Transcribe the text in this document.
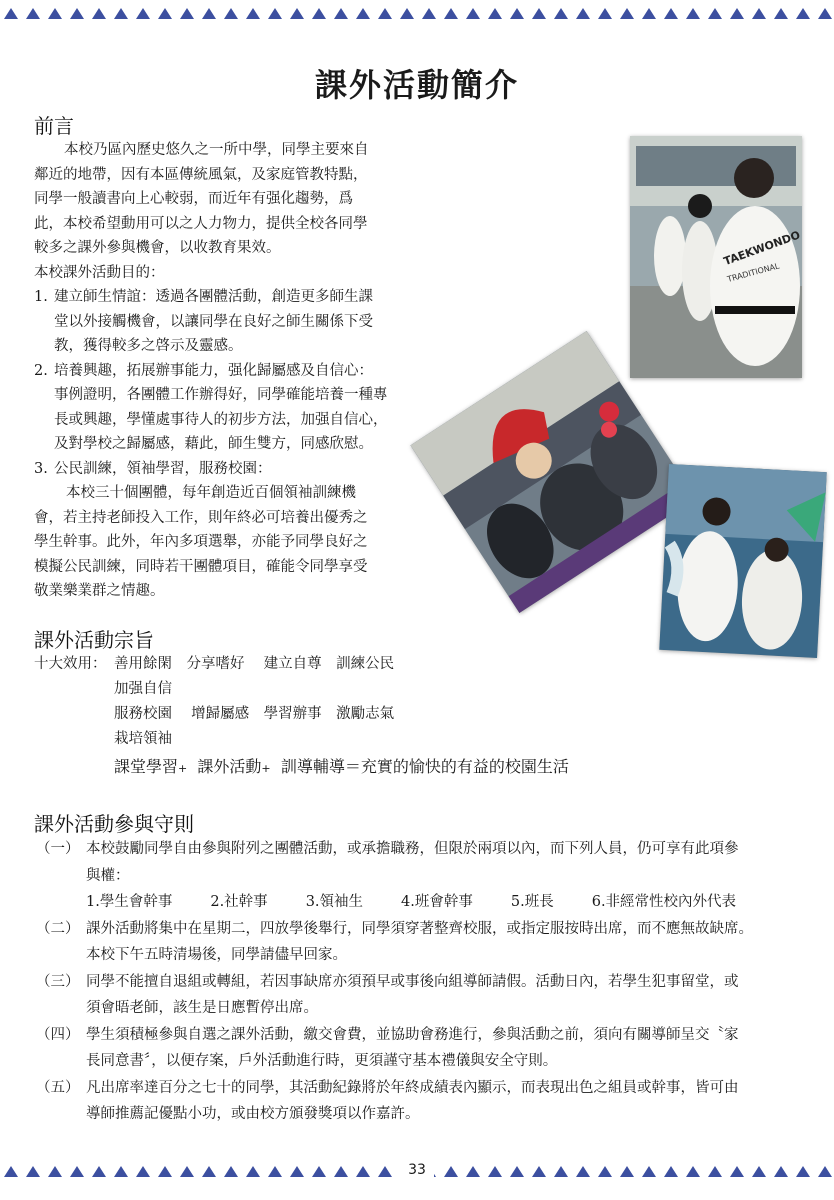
課外活動簡介
前言
本校乃區內歷史悠久之一所中學，同學主要來自
鄰近的地帶，因有本區傳統風氣，及家庭管教特點，
同學一般讀書向上心較弱，而近年有强化趨勢，爲
此，本校希望動用可以之人力物力，提供全校各同學
較多之課外參與機會，以收教育果效。
本校課外活動目的：
1. 建立師生情誼：透過各團體活動，創造更多師生課
堂以外接觸機會，以讓同學在良好之師生關係下受
教，獲得較多之啓示及靈感。
2. 培養興趣，拓展辦事能力，强化歸屬感及自信心：
事例證明，各團體工作辦得好，同學確能培養一種專
長或興趣，學懂處事待人的初步方法，加强自信心，
及對學校之歸屬感，藉此，師生雙方，同感欣慰。
3. 公民訓練，領袖學習，服務校園：
本校三十個團體，每年創造近百個領袖訓練機
會，若主持老師投入工作，則年終必可培養出優秀之
學生幹事。此外，年內多項選舉，亦能予同學良好之
模擬公民訓練，同時若干團體項目，確能令同學享受
敬業樂業群之情趣。
TAEKWONDO
TRADITIONAL
課外活動宗旨
十大效用： 善用餘閑　分享嗜好　 建立自尊　訓練公民
加强自信
服務校園　 增歸屬感　學習辦事　激勵志氣
栽培領袖
課堂學習+ 課外活動+ 訓導輔導＝充實的愉快的有益的校園生活
課外活動參與守則
（一） 本校鼓勵同學自由參與附列之團體活動，或承擔職務，但限於兩項以內，而下列人員，仍可享有此項參
與權：
1.學生會幹事	2.社幹事	3.領袖生	4.班會幹事	5.班長	6.非經常性校內外代表
（二） 課外活動將集中在星期二，四放學後舉行，同學須穿著整齊校服，或指定服按時出席，而不應無故缺席。
本校下午五時清場後，同學請儘早回家。
（三） 同學不能擅自退組或轉組，若因事缺席亦須預早或事後向組導師請假。活動日內，若學生犯事留堂，或
須會晤老師，該生是日應暫停出席。
（四） 學生須積極參與自選之課外活動，繳交會費，並協助會務進行，參與活動之前，須向有關導師呈交〝家
長同意書〞，以便存案，戶外活動進行時，更須謹守基本禮儀與安全守則。
（五） 凡出席率達百分之七十的同學，其活動紀錄將於年終成績表內顯示，而表現出色之組員或幹事，皆可由
導師推薦記優點小功，或由校方頒發獎項以作嘉許。
33
